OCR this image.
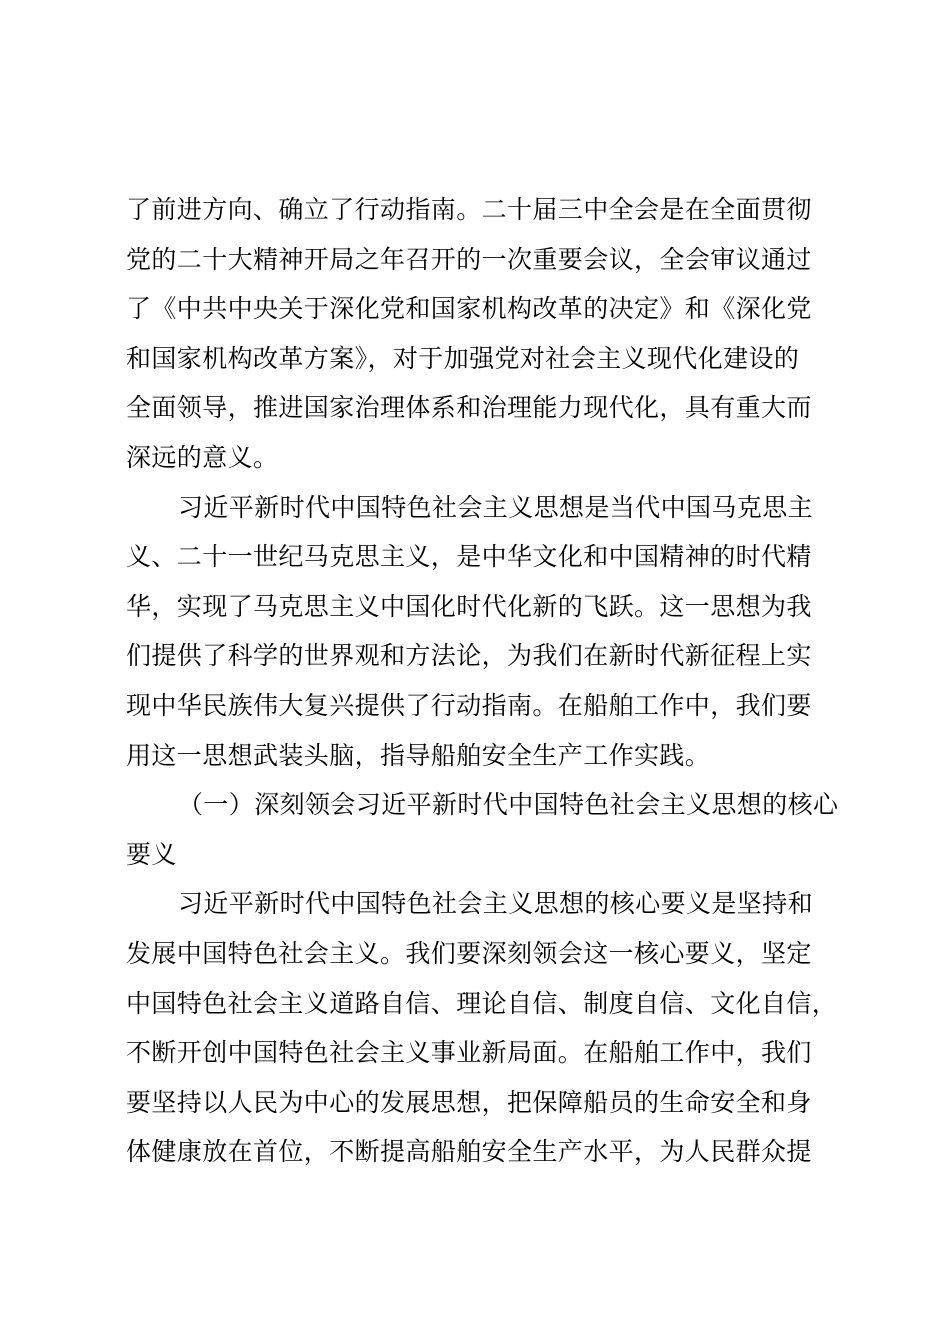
了前进方向、确立了行动指南。二十届三中全会是在全面贯彻
党的二十大精神开局之年召开的一次重要会议，全会审议通过
了《中共中央关于深化党和国家机构改革的决定》和《深化党
和国家机构改革方案》，对于加强党对社会主义现代化建设的
全面领导，推进国家治理体系和治理能力现代化，具有重大而
深远的意义。
习近平新时代中国特色社会主义思想是当代中国马克思主
义、二十一世纪马克思主义，是中华文化和中国精神的时代精
华，实现了马克思主义中国化时代化新的飞跃。这一思想为我
们提供了科学的世界观和方法论，为我们在新时代新征程上实
现中华民族伟大复兴提供了行动指南。在船舶工作中，我们要
用这一思想武装头脑，指导船舶安全生产工作实践。
（一）深刻领会习近平新时代中国特色社会主义思想的核心
要义
习近平新时代中国特色社会主义思想的核心要义是坚持和
发展中国特色社会主义。我们要深刻领会这一核心要义，坚定
中国特色社会主义道路自信、理论自信、制度自信、文化自信，
不断开创中国特色社会主义事业新局面。在船舶工作中，我们
要坚持以人民为中心的发展思想，把保障船员的生命安全和身
体健康放在首位，不断提高船舶安全生产水平，为人民群众提
